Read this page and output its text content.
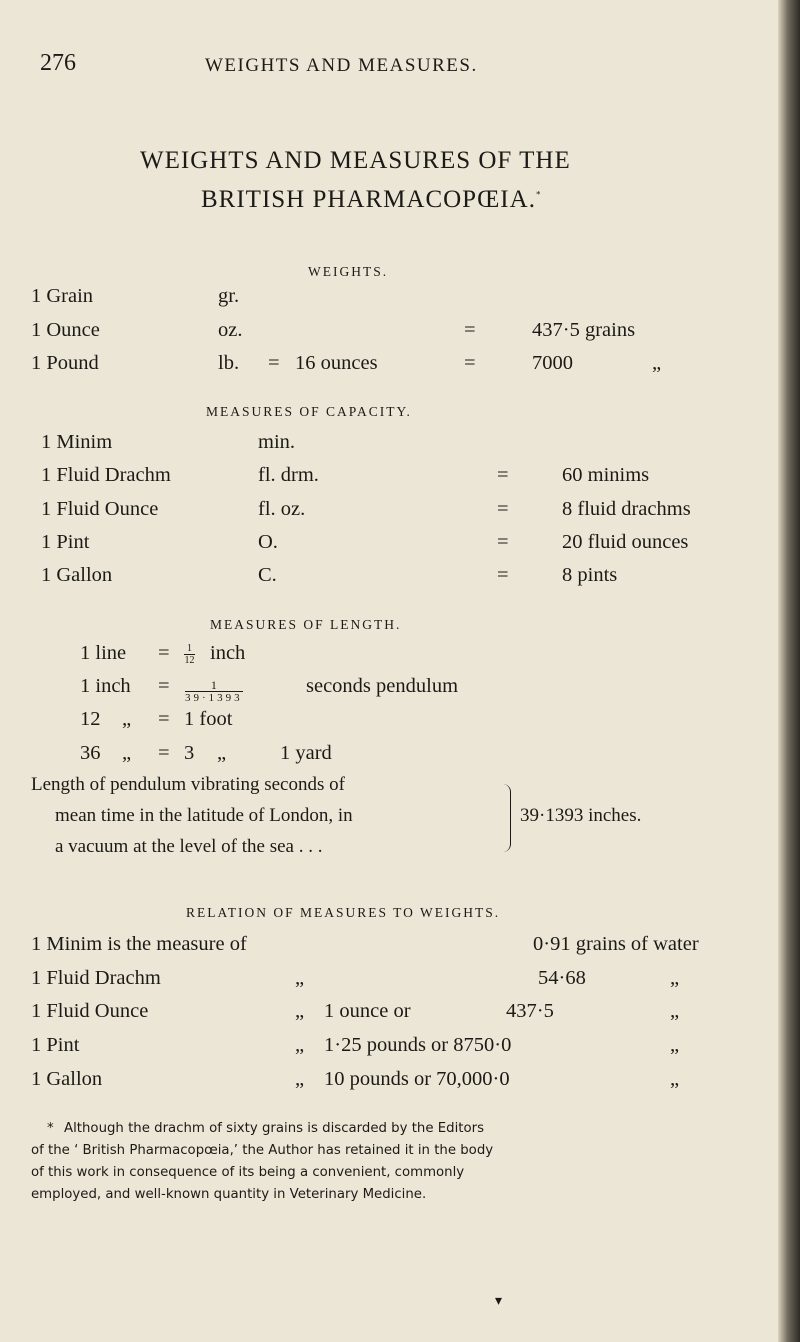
276	WEIGHTS AND MEASURES.
WEIGHTS AND MEASURES OF THE
BRITISH PHARMACOPŒIA.*
WEIGHTS.
1 Grain	gr.
1 Ounce	oz.	=	437·5 grains
1 Pound	lb. = 16 ounces	=	7000	„
MEASURES OF CAPACITY.
1 Minim	min.
1 Fluid Drachm	fl. drm.	=	60 minims
1 Fluid Ounce	fl. oz.	=	8 fluid drachms
1 Pint	O.	=	20 fluid ounces
1 Gallon	C.	=	8 pints
MEASURES OF LENGTH.
1 line = $\frac{1}{12}$ inch
1 inch = $\frac{1}{39\cdot 1393}$	seconds pendulum
12 „ = 1 foot
36 „ = 3 „	1 yard
Length of pendulum vibrating seconds of
mean time in the latitude of London, in
a vacuum at the level of the sea . . .
39·1393 inches.
RELATION OF MEASURES TO WEIGHTS.
1 Minim is the measure of	0·91 grains of water
1 Fluid Drachm	„	54·68	„
1 Fluid Ounce	„ 1 ounce or	437·5	„
1 Pint	„ 1·25 pounds or 8750·0	„
1 Gallon	„ 10 pounds or 70,000·0	„
* Although the drachm of sixty grains is discarded by the Editors
of the ‘ British Pharmacopœia,’ the Author has retained it in the body
of this work in consequence of its being a convenient, commonly
employed, and well-known quantity in Veterinary Medicine.
▾
